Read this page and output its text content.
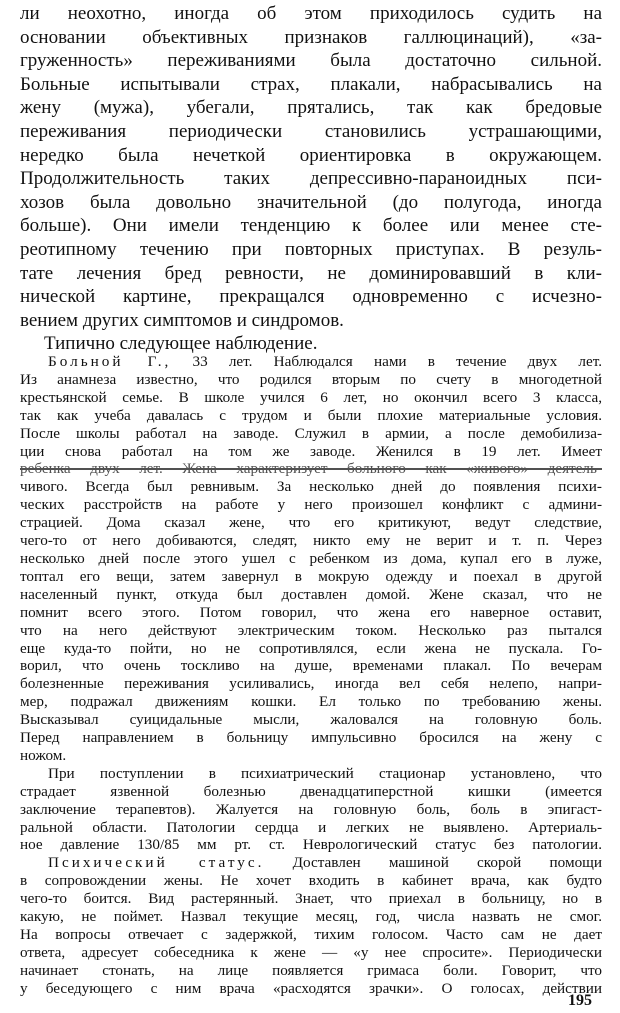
ли неохотно, иногда об этом приходилось судить на
основании объективных признаков галлюцинаций), «за-
груженность» переживаниями была достаточно сильной.
Больные испытывали страх, плакали, набрасывались на
жену (мужа), убегали, прятались, так как бредовые
переживания периодически становились устрашающими,
нередко была нечеткой ориентировка в окружающем.
Продолжительность таких депрессивно-параноидных пси-
хозов была довольно значительной (до полугода, иногда
больше). Они имели тенденцию к более или менее сте-
реотипному течению при повторных приступах. В резуль-
тате лечения бред ревности, не доминировавший в кли-
нической картине, прекращался одновременно с исчезно-
вением других симптомов и синдромов.

Типично следующее наблюдение.

Больной Г., 33 лет. Наблюдался нами в течение двух лет.
Из анамнеза известно, что родился вторым по счету в многодетной
крестьянской семье. В школе учился 6 лет, но окончил всего 3 класса,
так как учеба давалась с трудом и были плохие материальные условия.
После школы работал на заводе. Служил в армии, а после демобилиза-
ции снова работал на том же заводе. Женился в 19 лет. Имеет
ребенка двух лет. Жена характеризует больного как «живого» деятель-
чивого. Всегда был ревнивым. За несколько дней до появления психи-
ческих расстройств на работе у него произошел конфликт с админи-
страцией. Дома сказал жене, что его критикуют, ведут следствие,
чего-то от него добиваются, следят, никто ему не верит и т. п. Через
несколько дней после этого ушел с ребенком из дома, купал его в луже,
топтал его вещи, затем завернул в мокрую одежду и поехал в другой
населенный пункт, откуда был доставлен домой. Жене сказал, что не
помнит всего этого. Потом говорил, что жена его наверное оставит,
что на него действуют электрическим током. Несколько раз пытался
еще куда-то пойти, но не сопротивлялся, если жена не пускала. Го-
ворил, что очень тоскливо на душе, временами плакал. По вечерам
болезненные переживания усиливались, иногда вел себя нелепо, напри-
мер, подражал движениям кошки. Ел только по требованию жены.
Высказывал суицидальные мысли, жаловался на головную боль.
Перед направлением в больницу импульсивно бросился на жену с
ножом.
При поступлении в психиатрический стационар установлено, что
страдает язвенной болезнью двенадцатиперстной кишки (имеется
заключение терапевтов). Жалуется на головную боль, боль в эпигаст-
ральной области. Патологии сердца и легких не выявлено. Артериаль-
ное давление 130/85 мм рт. ст. Неврологический статус без патологии.
Психический статус. Доставлен машиной скорой помощи
в сопровождении жены. Не хочет входить в кабинет врача, как будто
чего-то боится. Вид растерянный. Знает, что приехал в больницу, но в
какую, не поймет. Назвал текущие месяц, год, числа назвать не смог.
На вопросы отвечает с задержкой, тихим голосом. Часто сам не дает
ответа, адресует собеседника к жене — «у нее спросите». Периодически
начинает стонать, на лице появляется гримаса боли. Говорит, что
у беседующего с ним врача «расходятся зрачки». О голосах, действии
195
